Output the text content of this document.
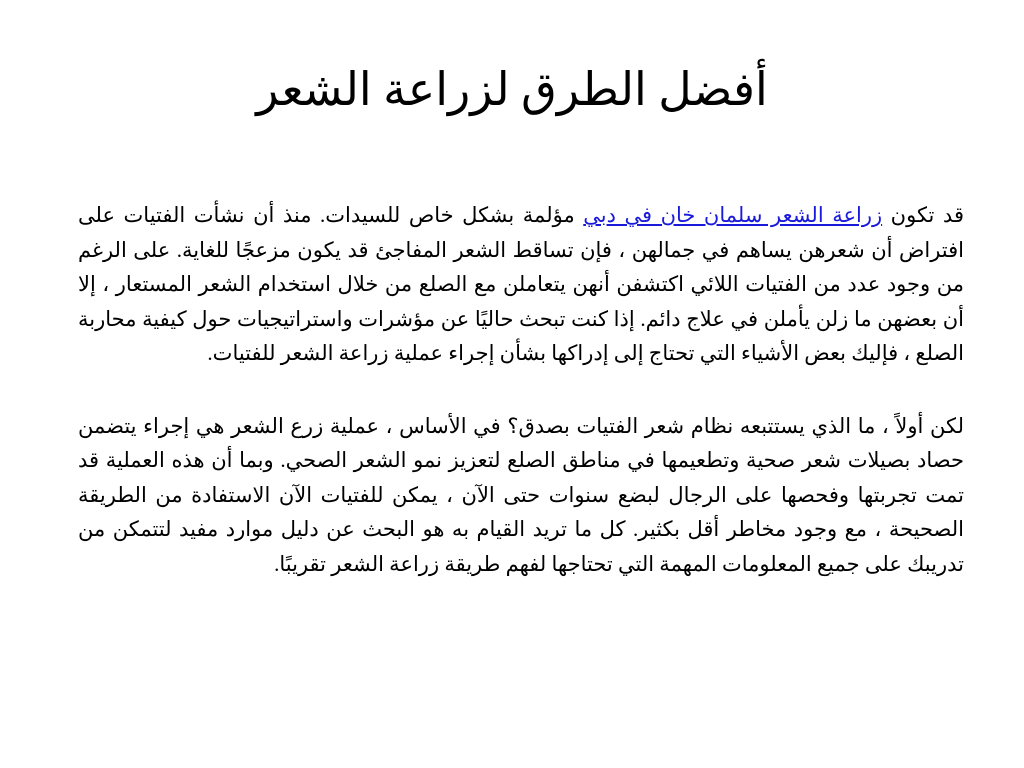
أفضل الطرق لزراعة الشعر

قد تكون زراعة الشعر سلمان خان في دبي مؤلمة بشكل خاص للسيدات. منذ أن نشأت الفتيات على افتراض أن شعرهن يساهم في جمالهن ، فإن تساقط الشعر المفاجئ قد يكون مزعجًا للغاية. على الرغم من وجود عدد من الفتيات اللائي اكتشفن أنهن يتعاملن مع الصلع من خلال استخدام الشعر المستعار ، إلا أن بعضهن ما زلن يأملن في علاج دائم. إذا كنت تبحث حاليًا عن مؤشرات واستراتيجيات حول كيفية محاربة الصلع ، فإليك بعض الأشياء التي تحتاج إلى إدراكها بشأن إجراء عملية زراعة الشعر للفتيات.

لكن أولاً ، ما الذي يستتبعه نظام شعر الفتيات بصدق؟ في الأساس ، عملية زرع الشعر هي إجراء يتضمن حصاد بصيلات شعر صحية وتطعيمها في مناطق الصلع لتعزيز نمو الشعر الصحي. وبما أن هذه العملية قد تمت تجربتها وفحصها على الرجال لبضع سنوات حتى الآن ، يمكن للفتيات الآن الاستفادة من الطريقة الصحيحة ، مع وجود مخاطر أقل بكثير. كل ما تريد القيام به هو البحث عن دليل موارد مفيد لتتمكن من تدريبك على جميع المعلومات المهمة التي تحتاجها لفهم طريقة زراعة الشعر تقريبًا.
